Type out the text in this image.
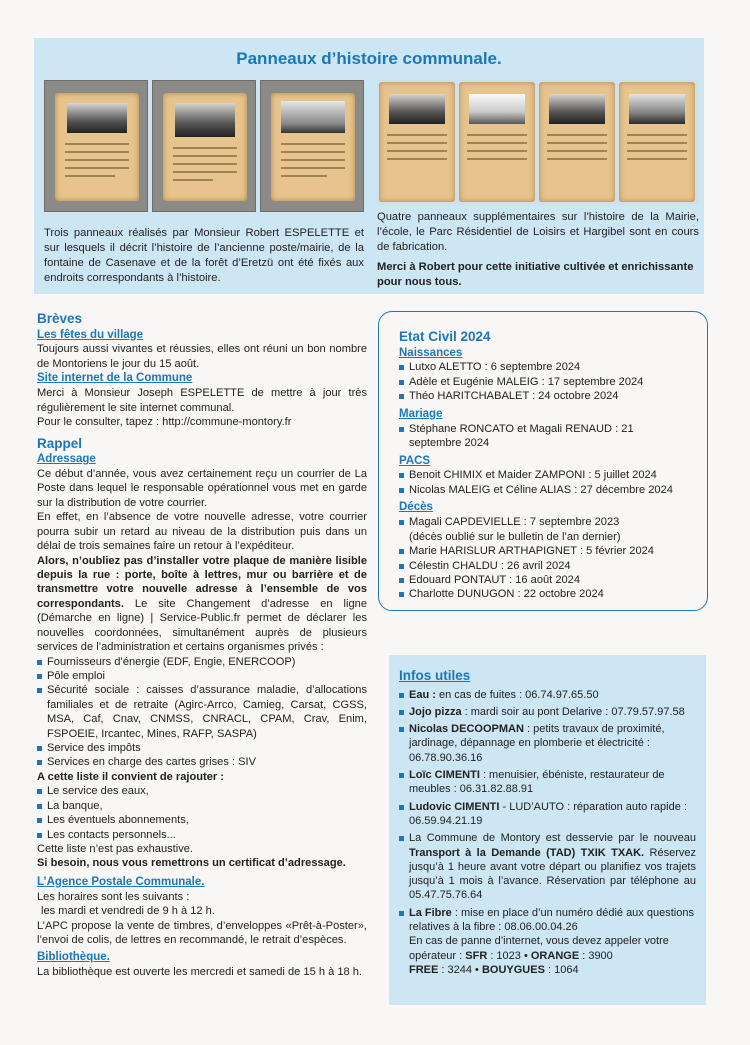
Panneaux d’histoire communale.

Trois panneaux réalisés par Monsieur Robert ESPELETTE et sur lesquels il décrit l’histoire de l’ancienne poste/mairie, de la fontaine de Casenave et de la forêt d’Eretzü ont été fixés aux endroits correspondants à l’histoire.

Quatre panneaux supplémentaires sur l’histoire de la Mairie, l’école, le Parc Résidentiel de Loisirs et Hargibel sont en cours de fabrication.

Merci à Robert pour cette initiative cultivée et enrichissante pour nous tous.

Brèves
Les fêtes du village

Toujours aussi vivantes et réussies, elles ont réuni un bon nombre de Montoriens le jour du 15 août.

Site internet de la Commune

Merci à Monsieur Joseph ESPELETTE de mettre à jour très régulièrement le site internet communal.

Pour le consulter, tapez : http://commune-montory.fr

Rappel
Adressage

Ce début d’année, vous avez certainement reçu un courrier de La Poste dans lequel le responsable opérationnel vous met en garde sur la distribution de votre courrier.

En effet, en l’absence de votre nouvelle adresse, votre courrier pourra subir un retard au niveau de la distribution puis dans un délai de trois semaines faire un retour à l’expéditeur.

Alors, n’oubliez pas d’installer votre plaque de manière lisible depuis la rue : porte, boîte à lettres, mur ou barrière et de transmettre votre nouvelle adresse à l’ensemble de vos correspondants. Le site Changement d’adresse en ligne (Démarche en ligne) | Service-Public.fr permet de déclarer les nouvelles coordonnées, simultanément auprès de plusieurs services de l’administration et certains organismes privés :

Fournisseurs d’énergie (EDF, Engie, ENERCOOP)
Pôle emploi
Sécurité sociale : caisses d’assurance maladie, d’allocations familiales et de retraite (Agirc-Arrco, Camieg, Carsat, CGSS, MSA, Caf, Cnav, CNMSS, CNRACL, CPAM, Crav, Enim, FSPOEIE, Ircantec, Mines, RAFP, SASPA)
Service des impôts
Services en charge des cartes grises : SIV

A cette liste il convient de rajouter :

Le service des eaux,
La banque,
Les éventuels abonnements,
Les contacts personnels...

Cette liste n’est pas exhaustive.

Si besoin, nous vous remettrons un certificat d’adressage.

L’Agence Postale Communale.

Les horaires sont les suivants :

les mardi et vendredi de 9 h à 12 h.

L’APC propose la vente de timbres, d’enveloppes «Prêt-à-Poster», l’envoi de colis, de lettres en recommandé, le retrait d’espèces.

Bibliothèque.

La bibliothèque est ouverte les mercredi et samedi de 15 h à 18 h.

Etat Civil 2024
Naissances
Lutxo ALETTO : 6 septembre 2024
Adèle et Eugénie MALEIG : 17 septembre 2024
Théo HARITCHABALET : 24 octobre 2024
Mariage
Stéphane RONCATO et Magali RENAUD : 21 septembre 2024
PACS
Benoit CHIMIX et Maider ZAMPONI : 5 juillet 2024
Nicolas MALEIG et Céline ALIAS : 27 décembre 2024
Décès
Magali CAPDEVIELLE : 7 septembre 2023
(décès oublié sur le bulletin de l’an dernier)
Marie HARISLUR ARTHAPIGNET : 5 février 2024
Célestin CHALDU : 26 avril 2024
Edouard PONTAUT : 16 août 2024
Charlotte DUNUGON : 22 octobre 2024
Infos utiles
Eau : en cas de fuites : 06.74.97.65.50
Jojo pizza : mardi soir au pont Delarive : 07.79.57.97.58
Nicolas DECOOPMAN : petits travaux de proximité, jardinage, dépannage en plomberie et électricité : 06.78.90.36.16
Loïc CIMENTI : menuisier, ébéniste, restaurateur de meubles : 06.31.82.88.91
Ludovic CIMENTI - LUD’AUTO : réparation auto rapide : 06.59.94.21.19
La Commune de Montory est desservie par le nouveau Transport à la Demande (TAD) TXIK TXAK. Réservez jusqu’à 1 heure avant votre départ ou planifiez vos trajets jusqu’à 1 mois à l’avance. Réservation par téléphone au 05.47.75.76.64
La Fibre : mise en place d’un numéro dédié aux questions relatives à la fibre : 08.06.00.04.26
En cas de panne d’internet, vous devez appeler votre opérateur : SFR : 1023 • ORANGE : 3900
FREE : 3244 • BOUYGUES : 1064
